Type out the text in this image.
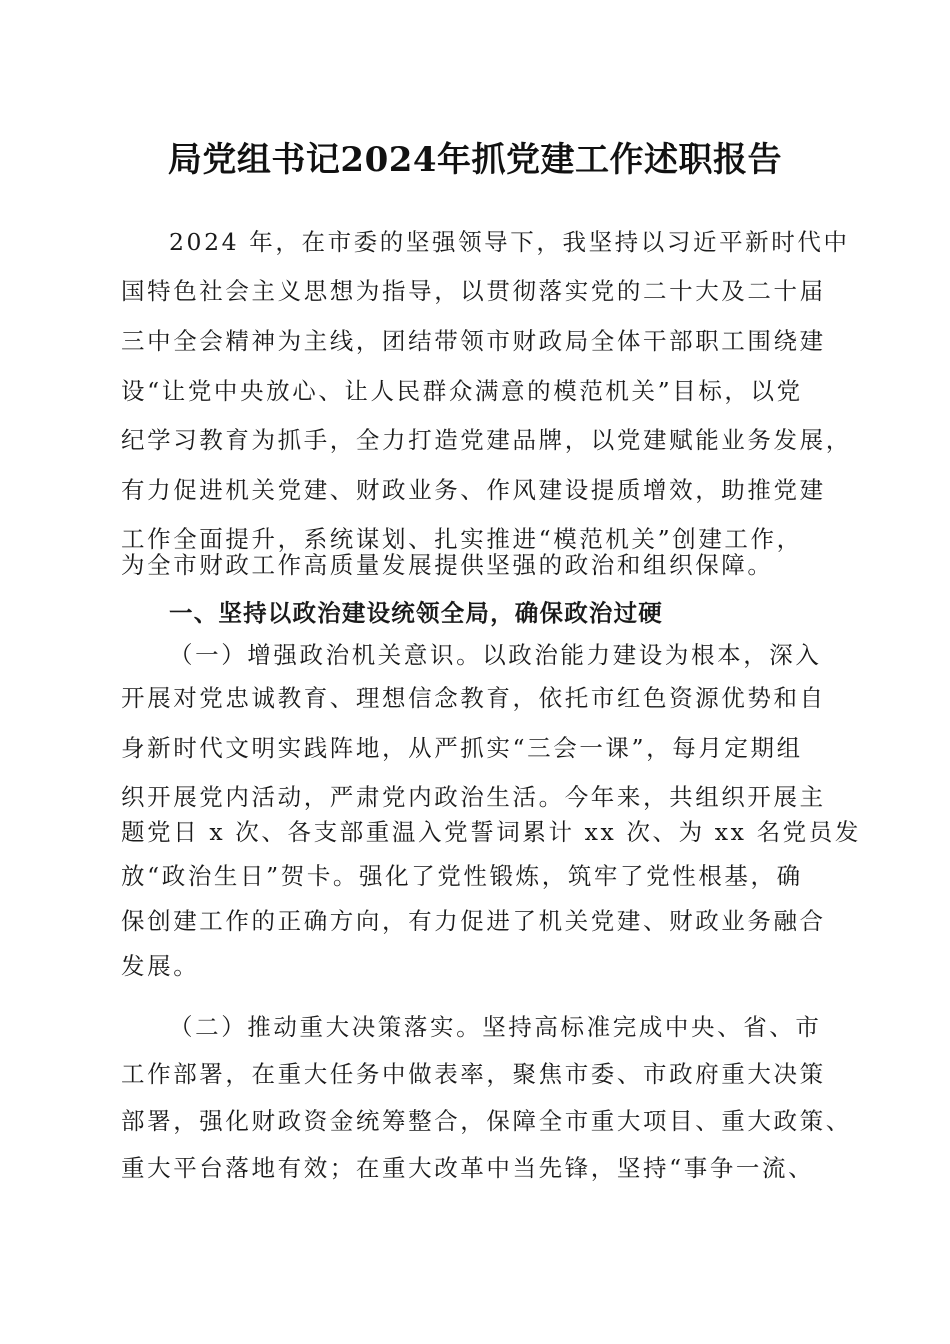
局党组书记2024年抓党建工作述职报告
2024 年，在市委的坚强领导下，我坚持以习近平新时代中
国特色社会主义思想为指导，以贯彻落实党的二十大及二十届
三中全会精神为主线，团结带领市财政局全体干部职工围绕建
设“让党中央放心、让人民群众满意的模范机关”目标，以党
纪学习教育为抓手，全力打造党建品牌，以党建赋能业务发展，
有力促进机关党建、财政业务、作风建设提质增效，助推党建
工作全面提升，系统谋划、扎实推进“模范机关”创建工作，
为全市财政工作高质量发展提供坚强的政治和组织保障。
一、坚持以政治建设统领全局，确保政治过硬
（一）增强政治机关意识。以政治能力建设为根本，深入
开展对党忠诚教育、理想信念教育，依托市红色资源优势和自
身新时代文明实践阵地，从严抓实“三会一课”，每月定期组
织开展党内活动，严肃党内政治生活。今年来，共组织开展主
题党日 x 次、各支部重温入党誓词累计 xx 次、为 xx 名党员发
放“政治生日”贺卡。强化了党性锻炼，筑牢了党性根基，确
保创建工作的正确方向，有力促进了机关党建、财政业务融合
发展。
（二）推动重大决策落实。坚持高标准完成中央、省、市
工作部署，在重大任务中做表率，聚焦市委、市政府重大决策
部署，强化财政资金统筹整合，保障全市重大项目、重大政策、
重大平台落地有效；在重大改革中当先锋，坚持“事争一流、
